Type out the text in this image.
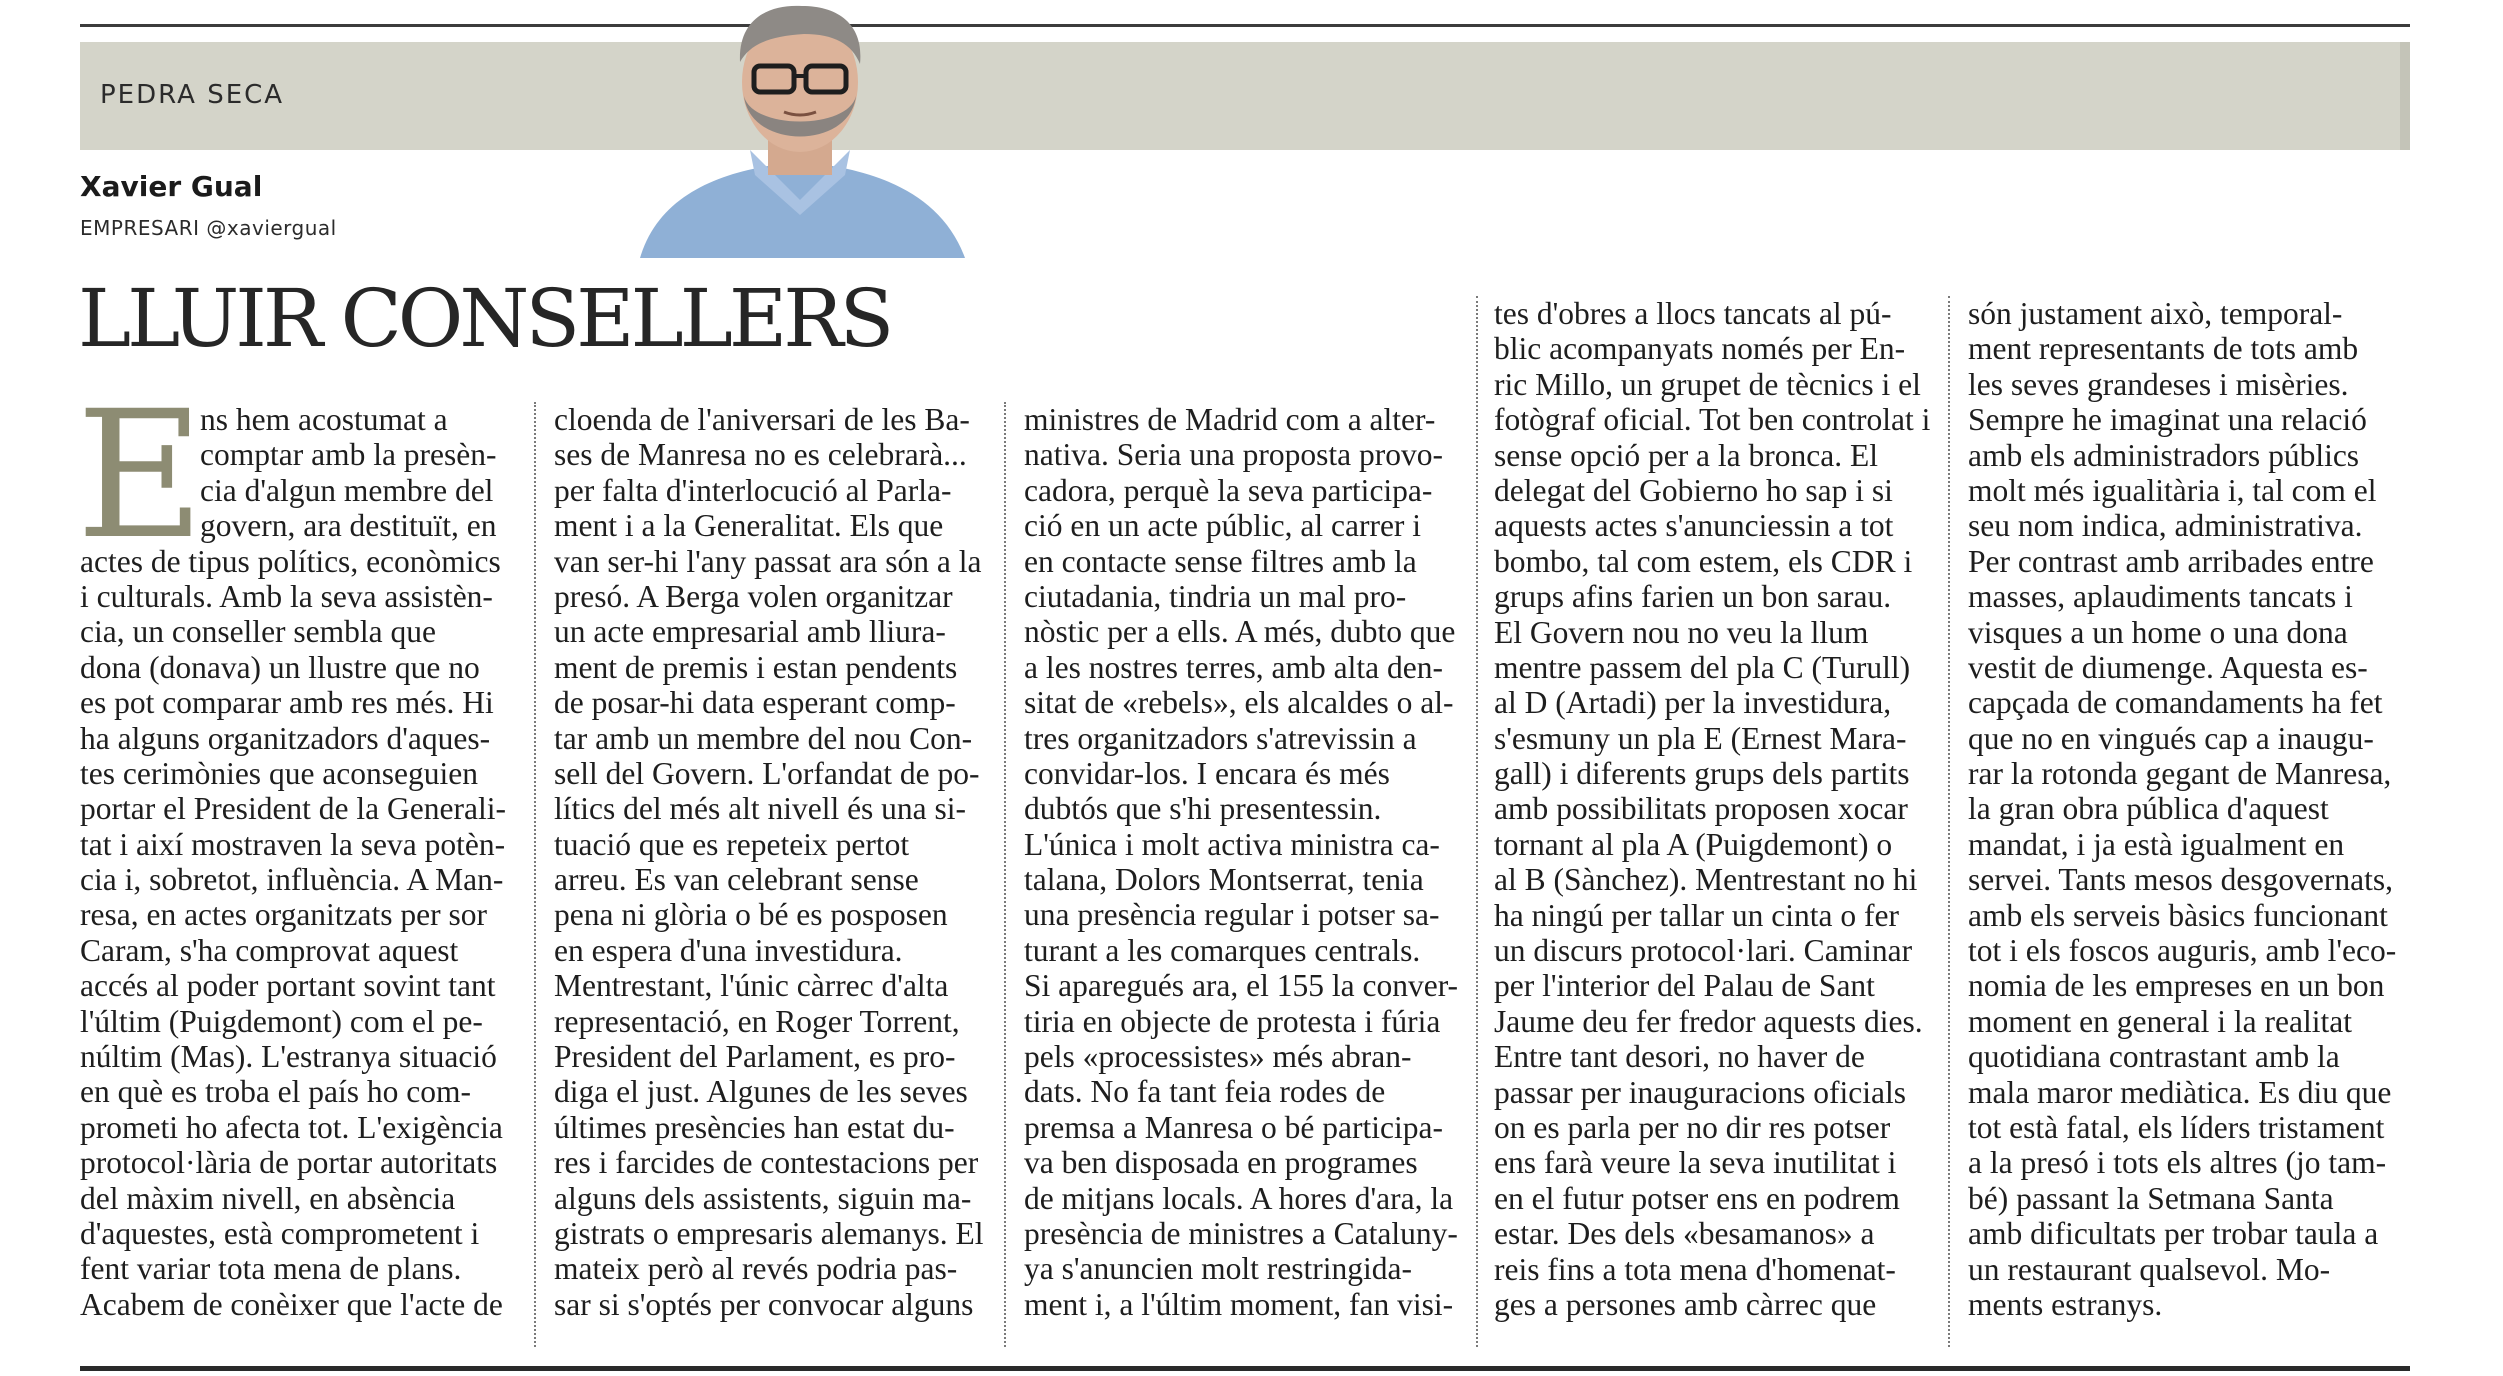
PEDRA SECA
Xavier Gual
EMPRESARI @xaviergual
LLUIR CONSELLERS
E
ns hem acostumat a
comptar amb la presèn-
cia d'algun membre del
govern, ara destituït, en
actes de tipus polítics, econòmics
i culturals. Amb la seva assistèn-
cia, un conseller sembla que
dona (donava) un llustre que no
es pot comparar amb res més. Hi
ha alguns organitzadors d'aques-
tes cerimònies que aconseguien
portar el President de la Generali-
tat i així mostraven la seva potèn-
cia i, sobretot, influència. A Man-
resa, en actes organitzats per sor
Caram, s'ha comprovat aquest
accés al poder portant sovint tant
l'últim (Puigdemont) com el pe-
núltim (Mas). L'estranya situació
en què es troba el país ho com-
prometi ho afecta tot. L'exigència
protocol·lària de portar autoritats
del màxim nivell, en absència
d'aquestes, està comprometent i
fent variar tota mena de plans.
Acabem de conèixer que l'acte de
cloenda de l'aniversari de les Ba-
ses de Manresa no es celebrarà...
per falta d'interlocució al Parla-
ment i a la Generalitat. Els que
van ser-hi l'any passat ara són a la
presó. A Berga volen organitzar
un acte empresarial amb lliura-
ment de premis i estan pendents
de posar-hi data esperant comp-
tar amb un membre del nou Con-
sell del Govern. L'orfandat de po-
lítics del més alt nivell és una si-
tuació que es repeteix pertot
arreu. Es van celebrant sense
pena ni glòria o bé es posposen
en espera d'una investidura.
Mentrestant, l'únic càrrec d'alta
representació, en Roger Torrent,
President del Parlament, es pro-
diga el just. Algunes de les seves
últimes presències han estat du-
res i farcides de contestacions per
alguns dels assistents, siguin ma-
gistrats o empresaris alemanys. El
mateix però al revés podria pas-
sar si s'optés per convocar alguns
ministres de Madrid com a alter-
nativa. Seria una proposta provo-
cadora, perquè la seva participa-
ció en un acte públic, al carrer i
en contacte sense filtres amb la
ciutadania, tindria un mal pro-
nòstic per a ells. A més, dubto que
a les nostres terres, amb alta den-
sitat de «rebels», els alcaldes o al-
tres organitzadors s'atrevissin a
convidar-los. I encara és més
dubtós que s'hi presentessin.
L'única i molt activa ministra ca-
talana, Dolors Montserrat, tenia
una presència regular i potser sa-
turant a les comarques centrals.
Si aparegués ara, el 155 la conver-
tiria en objecte de protesta i fúria
pels «processistes» més abran-
dats. No fa tant feia rodes de
premsa a Manresa o bé participa-
va ben disposada en programes
de mitjans locals. A hores d'ara, la
presència de ministres a Cataluny-
ya s'anuncien molt restringida-
ment i, a l'últim moment, fan visi-
tes d'obres a llocs tancats al pú-
blic acompanyats només per En-
ric Millo, un grupet de tècnics i el
fotògraf oficial. Tot ben controlat i
sense opció per a la bronca. El
delegat del Gobierno ho sap i si
aquests actes s'anunciessin a tot
bombo, tal com estem, els CDR i
grups afins farien un bon sarau.
El Govern nou no veu la llum
mentre passem del pla C (Turull)
al D (Artadi) per la investidura,
s'esmuny un pla E (Ernest Mara-
gall) i diferents grups dels partits
amb possibilitats proposen xocar
tornant al pla A (Puigdemont) o
al B (Sànchez). Mentrestant no hi
ha ningú per tallar un cinta o fer
un discurs protocol·lari. Caminar
per l'interior del Palau de Sant
Jaume deu fer fredor aquests dies.
Entre tant desori, no haver de
passar per inauguracions oficials
on es parla per no dir res potser
ens farà veure la seva inutilitat i
en el futur potser ens en podrem
estar. Des dels «besamanos» a
reis fins a tota mena d'homenat-
ges a persones amb càrrec que
són justament això, temporal-
ment representants de tots amb
les seves grandeses i misèries.
Sempre he imaginat una relació
amb els administradors públics
molt més igualitària i, tal com el
seu nom indica, administrativa.
Per contrast amb arribades entre
masses, aplaudiments tancats i
visques a un home o una dona
vestit de diumenge. Aquesta es-
capçada de comandaments ha fet
que no en vingués cap a inaugu-
rar la rotonda gegant de Manresa,
la gran obra pública d'aquest
mandat, i ja està igualment en
servei. Tants mesos desgovernats,
amb els serveis bàsics funcionant
tot i els foscos auguris, amb l'eco-
nomia de les empreses en un bon
moment en general i la realitat
quotidiana contrastant amb la
mala maror mediàtica. Es diu que
tot està fatal, els líders tristament
a la presó i tots els altres (jo tam-
bé) passant la Setmana Santa
amb dificultats per trobar taula a
un restaurant qualsevol. Mo-
ments estranys.
